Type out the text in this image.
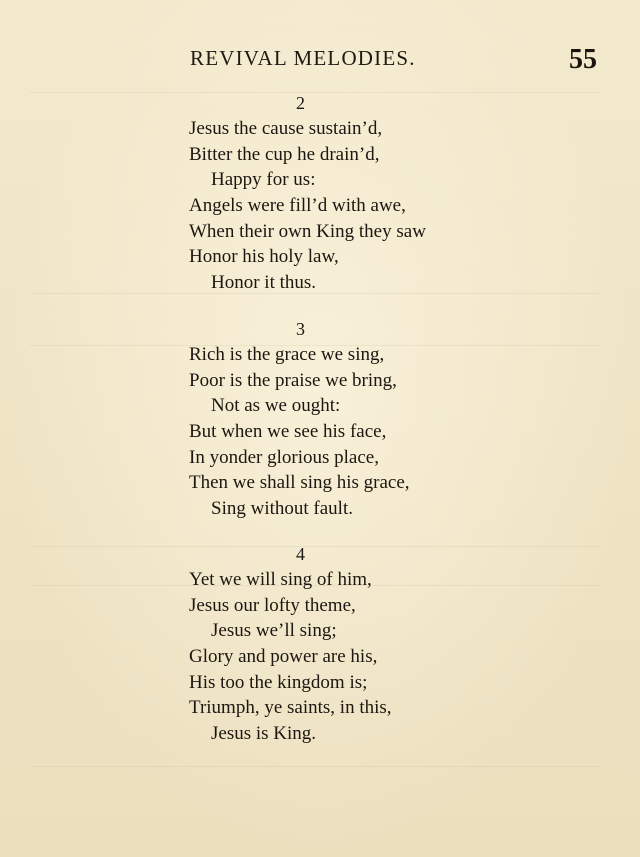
REVIVAL MELODIES.	55
2
Jesus the cause sustain’d,
Bitter the cup he drain’d,
Happy for us:
Angels were fill’d with awe,
When their own King they saw
Honor his holy law,
Honor it thus.
3
Rich is the grace we sing,
Poor is the praise we bring,
Not as we ought:
But when we see his face,
In yonder glorious place,
Then we shall sing his grace,
Sing without fault.
4
Yet we will sing of him,
Jesus our lofty theme,
Jesus we’ll sing;
Glory and power are his,
His too the kingdom is;
Triumph, ye saints, in this,
Jesus is King.
